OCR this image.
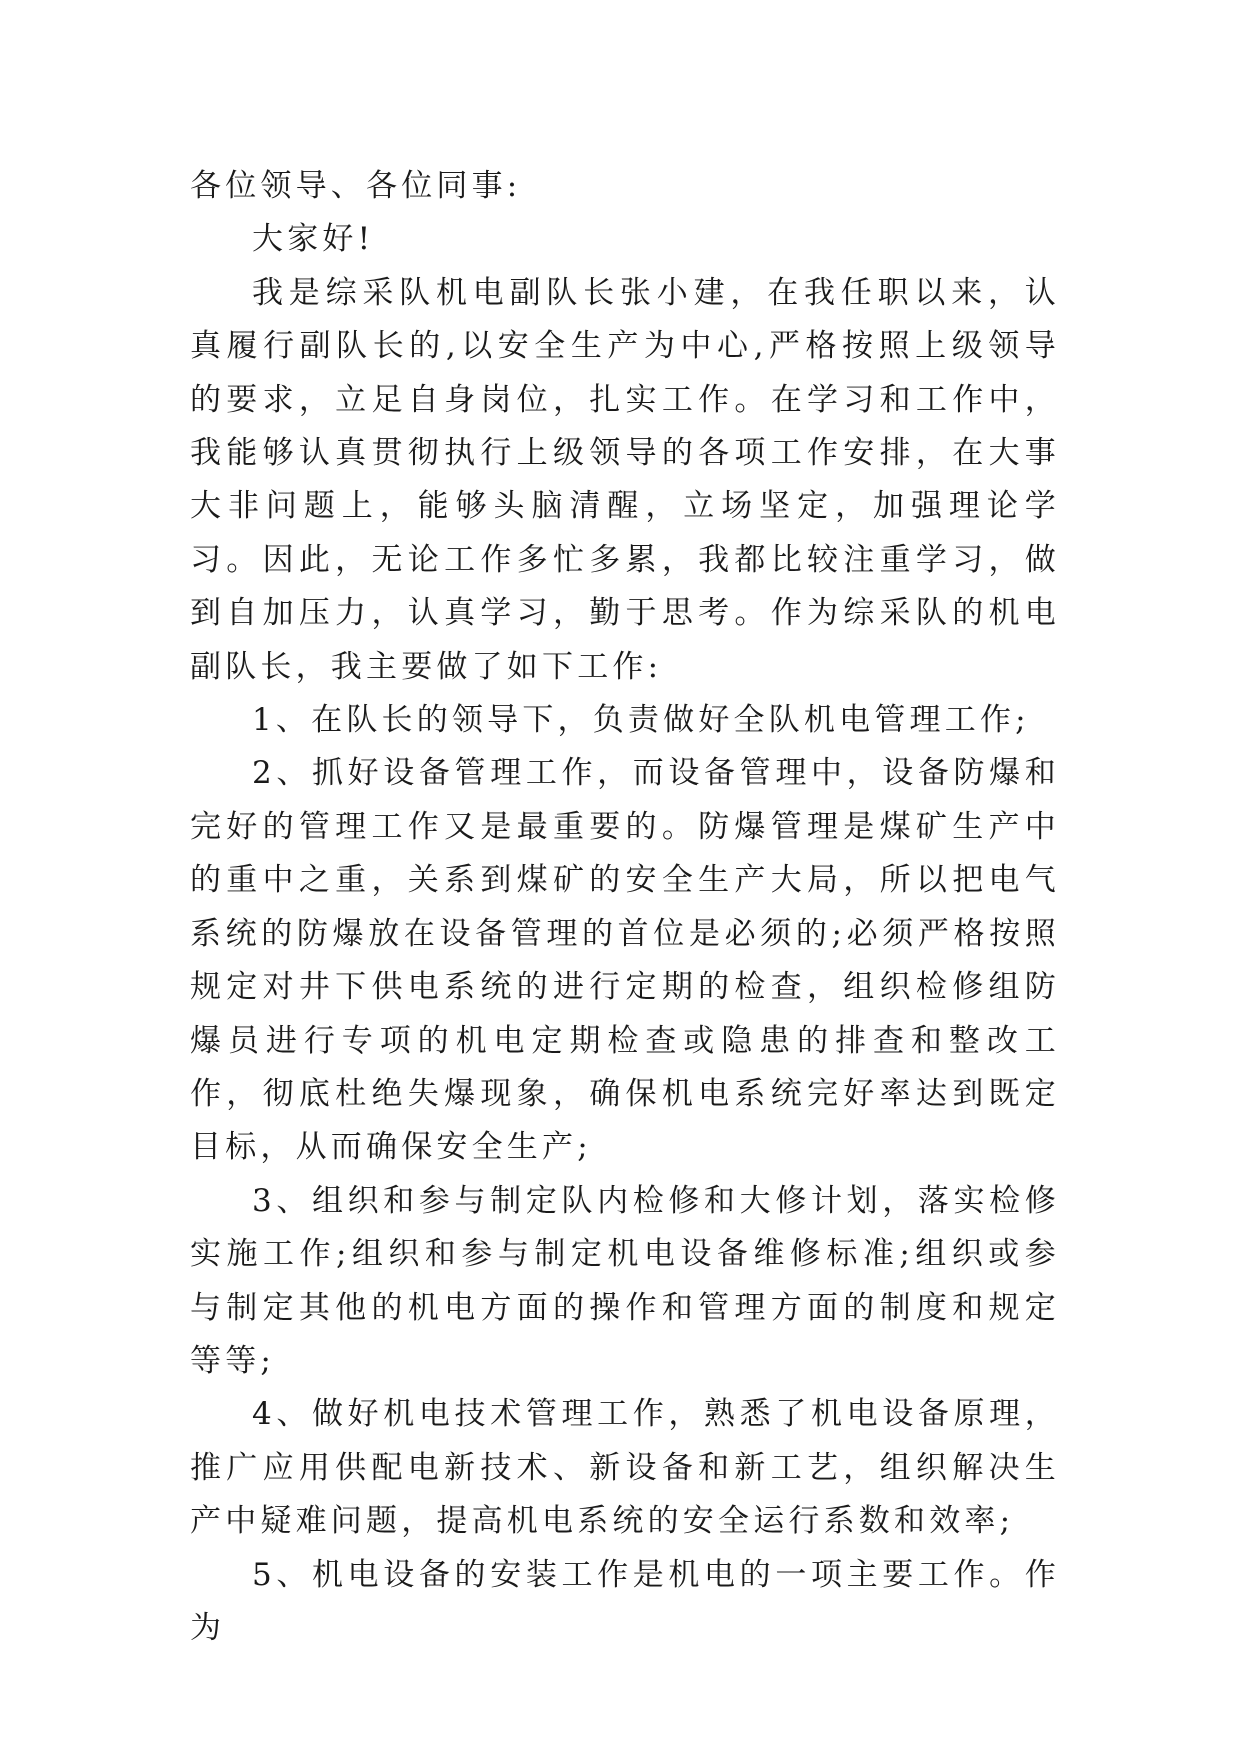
各位领导、各位同事:

大家好!

我是综采队机电副队长张小建，在我任职以来，认真履行副队长的,以安全生产为中心,严格按照上级领导的要求，立足自身岗位，扎实工作。在学习和工作中，我能够认真贯彻执行上级领导的各项工作安排，在大事大非问题上，能够头脑清醒，立场坚定，加强理论学习。因此，无论工作多忙多累，我都比较注重学习，做到自加压力，认真学习，勤于思考。作为综采队的机电副队长，我主要做了如下工作:

1、在队长的领导下，负责做好全队机电管理工作;

2、抓好设备管理工作，而设备管理中，设备防爆和完好的管理工作又是最重要的。防爆管理是煤矿生产中的重中之重，关系到煤矿的安全生产大局，所以把电气系统的防爆放在设备管理的首位是必须的;必须严格按照规定对井下供电系统的进行定期的检查，组织检修组防爆员进行专项的机电定期检查或隐患的排查和整改工作，彻底杜绝失爆现象，确保机电系统完好率达到既定目标，从而确保安全生产;

3、组织和参与制定队内检修和大修计划，落实检修实施工作;组织和参与制定机电设备维修标准;组织或参与制定其他的机电方面的操作和管理方面的制度和规定等等;

4、做好机电技术管理工作，熟悉了机电设备原理，推广应用供配电新技术、新设备和新工艺，组织解决生产中疑难问题，提高机电系统的安全运行系数和效率;

5、机电设备的安装工作是机电的一项主要工作。作为
